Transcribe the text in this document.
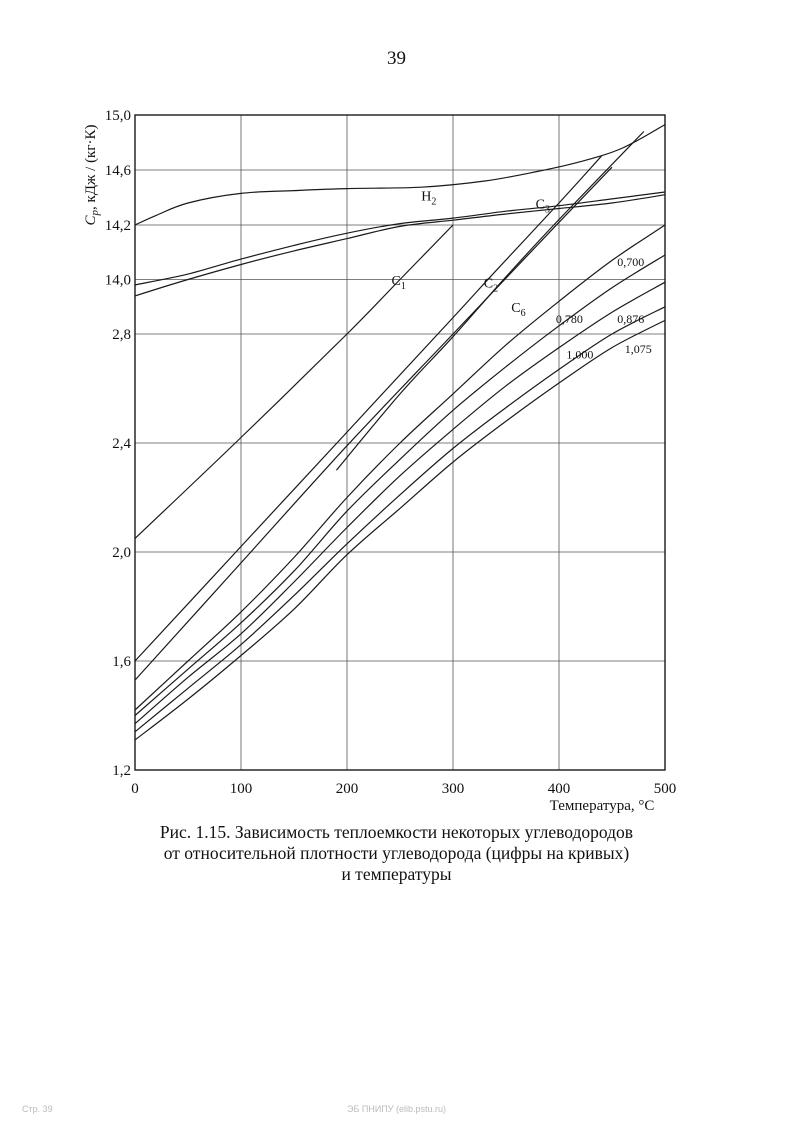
39
0	100	200	300	400	500
1,2
1,6
2,0
2,4
2,8
14,0
14,2
14,6
15,0
$H_2$
$C_1$	$C_2$
$C_3$
$C_6$
0,700
0,780	0,876
1,000	1,075
$C_p$, кДж / (кг·К)
Температура, °C
Рис. 1.15. Зависимость теплоемкости некоторых углеводородов
от относительной плотности углеводорода (цифры на кривых)
и температуры
Стр. 39	ЭБ ПНИПУ (elib.pstu.ru)
